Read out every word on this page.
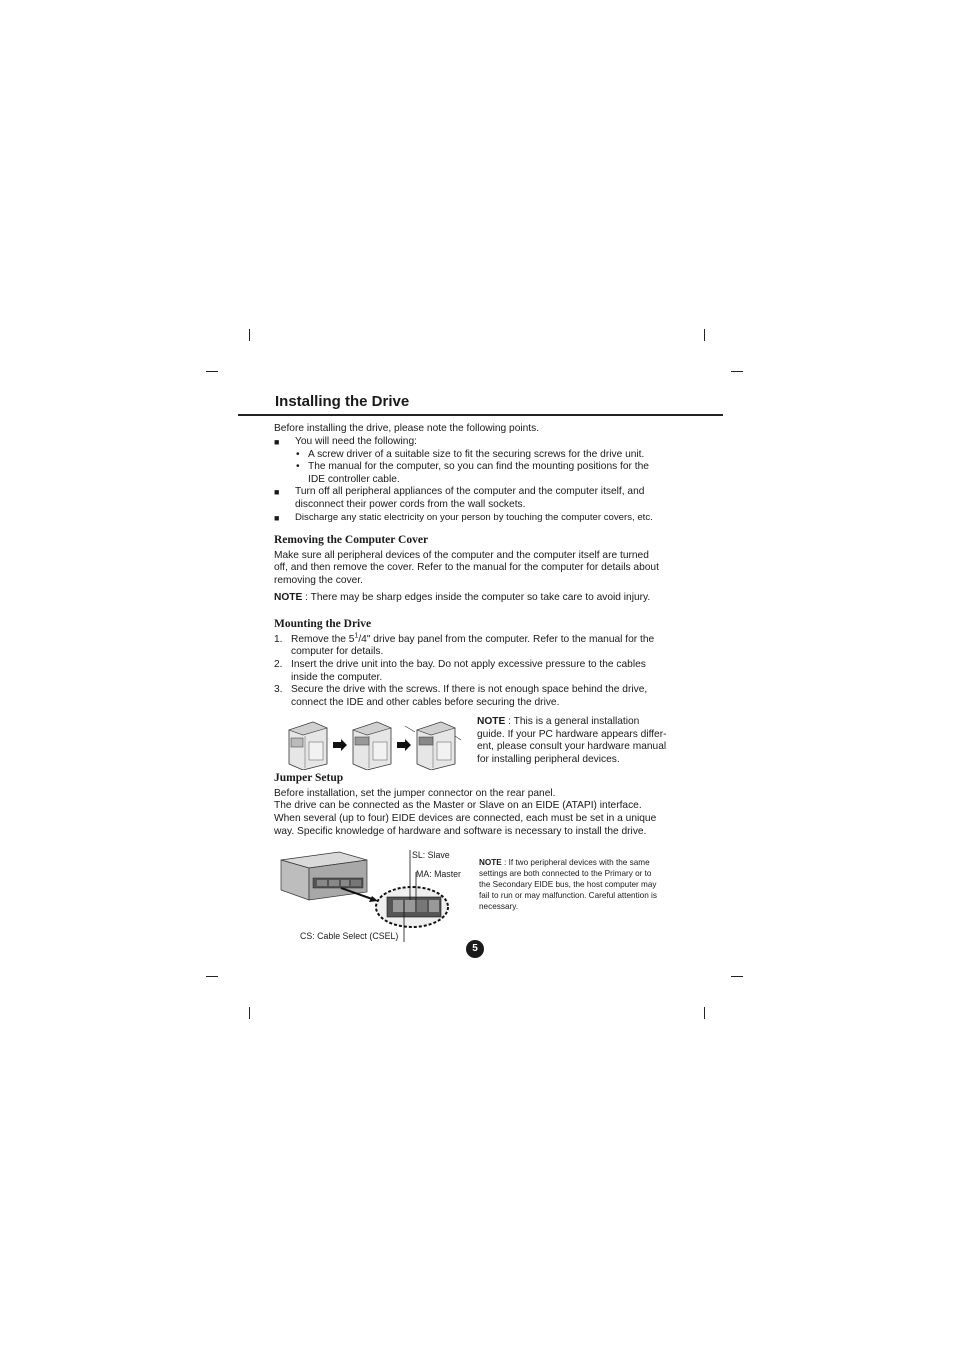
Installing the Drive
Before installing the drive, please note the following points.
■ You will need the following:
• A screw driver of a suitable size to fit the securing screws for the drive unit.
• The manual for the computer, so you can find the mounting positions for the
IDE controller cable.
■ Turn off all peripheral appliances of the computer and the computer itself, and
disconnect their power cords from the wall sockets.
■ Discharge any static electricity on your person by touching the computer covers, etc.
Removing the Computer Cover
Make sure all peripheral devices of the computer and the computer itself are turned
off, and then remove the cover. Refer to the manual for the computer for details about
removing the cover.
NOTE : There may be sharp edges inside the computer so take care to avoid injury.
Mounting the Drive
1. Remove the $5^1/4$" drive bay panel from the computer. Refer to the manual for the
computer for details.
2. Insert the drive unit into the bay. Do not apply excessive pressure to the cables
inside the computer.
3. Secure the drive with the screws. If there is not enough space behind the drive,
connect the IDE and other cables before securing the drive.
NOTE : This is a general installation
guide. If your PC hardware appears differ-
ent, please consult your hardware manual
for installing peripheral devices.
Jumper Setup
Before installation, set the jumper connector on the rear panel.
The drive can be connected as the Master or Slave on an EIDE (ATAPI) interface.
When several (up to four) EIDE devices are connected, each must be set in a unique
way. Specific knowledge of hardware and software is necessary to install the drive.
SL: Slave
MA: Master
CS: Cable Select (CSEL)
NOTE : If two peripheral devices with the same
settings are both connected to the Primary or to
the Secondary EIDE bus, the host computer may
fail to run or may malfunction. Careful attention is
necessary.
5
